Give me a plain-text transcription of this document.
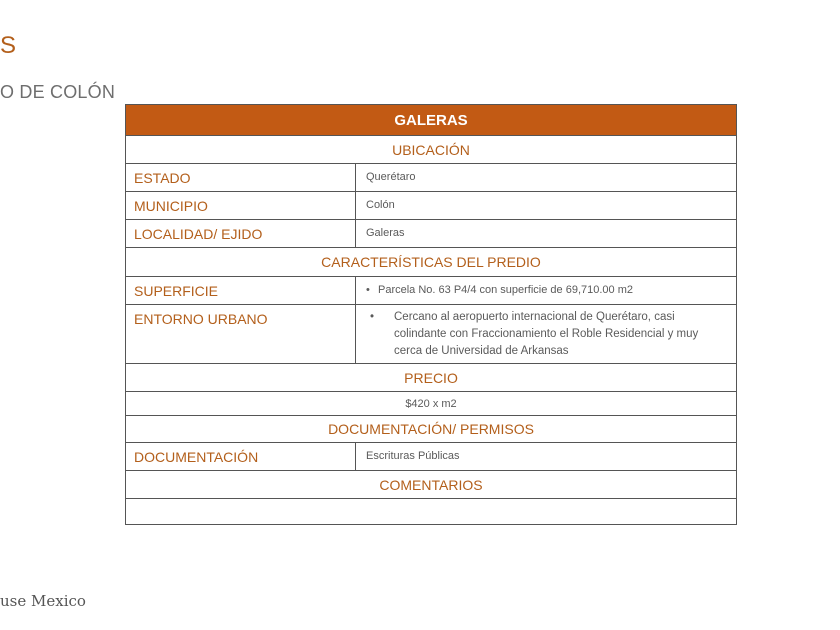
S
O DE COLÓN
use Mexico
GALERAS
UBICACIÓN
ESTADO	Querétaro
MUNICIPIO	Colón
LOCALIDAD/ EJIDO	Galeras
CARACTERÍSTICAS DEL PREDIO
SUPERFICIE	• Parcela No. 63 P4/4 con superficie de 69,710.00 m2
ENTORNO URBANO	•	Cercano al aeropuerto internacional de Querétaro, casi colindante con Fraccionamiento el Roble Residencial y muy cerca de Universidad de Arkansas
PRECIO
$420 x m2
DOCUMENTACIÓN/ PERMISOS
DOCUMENTACIÓN	Escrituras Públicas
COMENTARIOS
